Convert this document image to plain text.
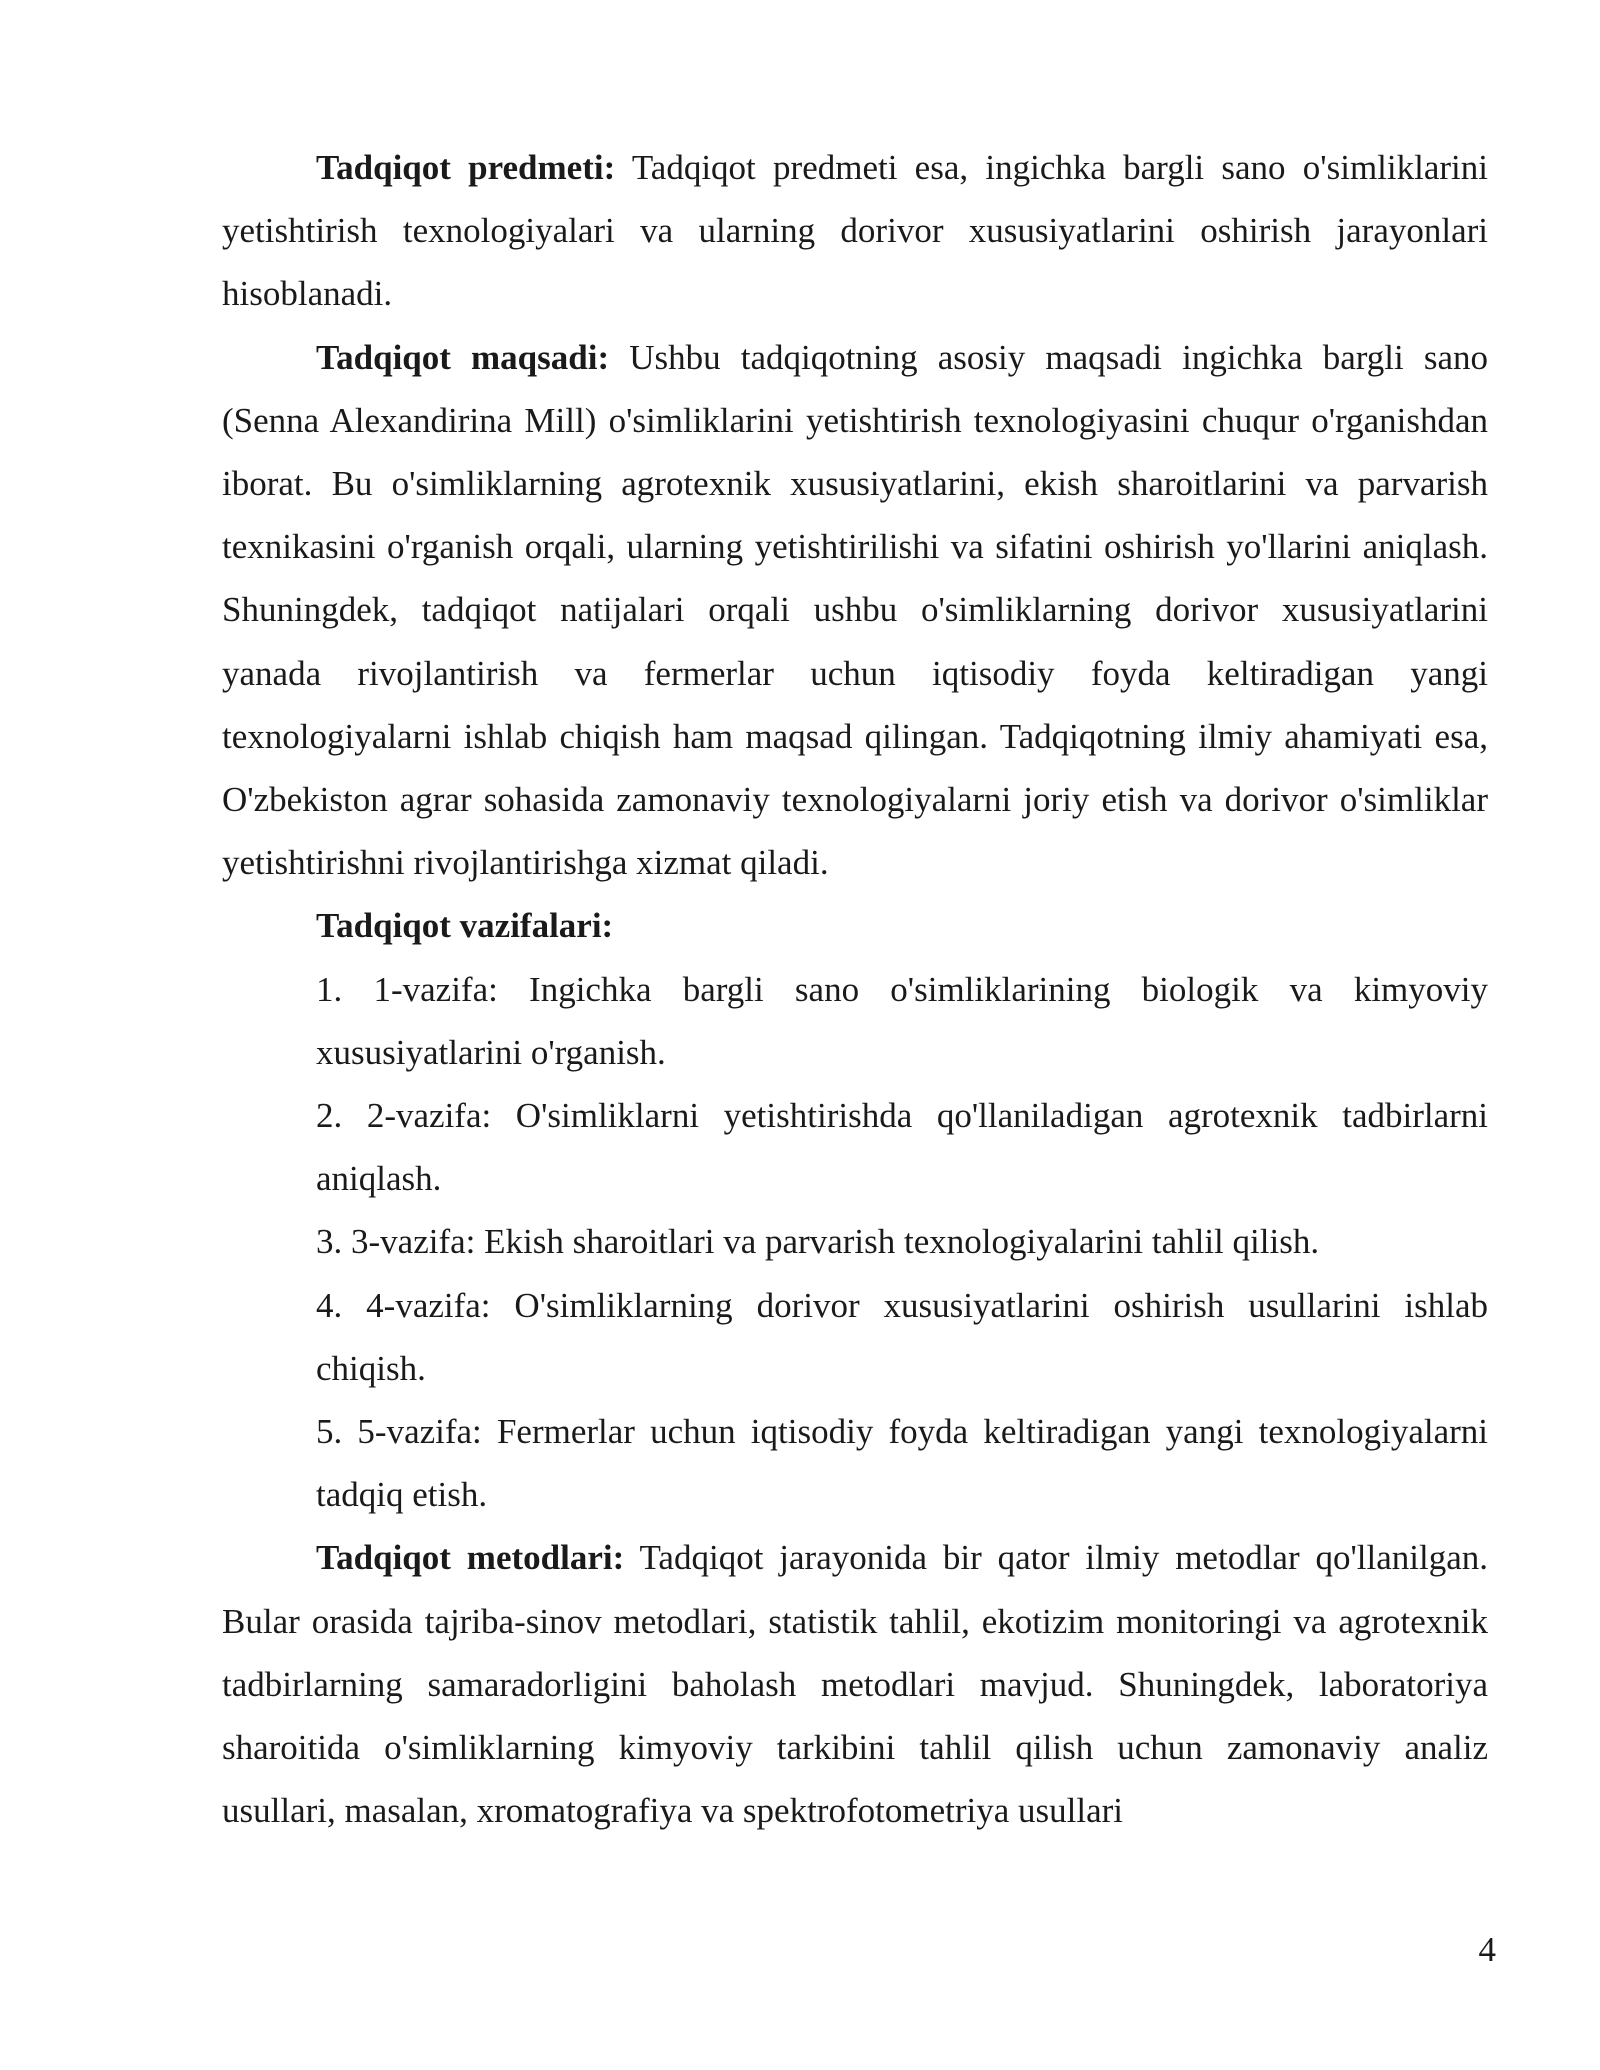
Tadqiqot predmeti: Tadqiqot predmeti esa, ingichka bargli sano o'simliklarini yetishtirish texnologiyalari va ularning dorivor xususiyatlarini oshirish jarayonlari hisoblanadi.

Tadqiqot maqsadi: Ushbu tadqiqotning asosiy maqsadi ingichka bargli sano (Senna Alexandirina Mill) o'simliklarini yetishtirish texnologiyasini chuqur o'rganishdan iborat. Bu o'simliklarning agrotexnik xususiyatlarini, ekish sharoitlarini va parvarish texnikasini o'rganish orqali, ularning yetishtirilishi va sifatini oshirish yo'llarini aniqlash. Shuningdek, tadqiqot natijalari orqali ushbu o'simliklarning dorivor xususiyatlarini yanada rivojlantirish va fermerlar uchun iqtisodiy foyda keltiradigan yangi texnologiyalarni ishlab chiqish ham maqsad qilingan. Tadqiqotning ilmiy ahamiyati esa, O'zbekiston agrar sohasida zamonaviy texnologiyalarni joriy etish va dorivor o'simliklar yetishtirishni rivojlantirishga xizmat qiladi.

Tadqiqot vazifalari:

1. 1-vazifa: Ingichka bargli sano o'simliklarining biologik va kimyoviy xususiyatlarini o'rganish.
2. 2-vazifa: O'simliklarni yetishtirishda qo'llaniladigan agrotexnik tadbirlarni aniqlash.
3. 3-vazifa: Ekish sharoitlari va parvarish texnologiyalarini tahlil qilish.
4. 4-vazifa: O'simliklarning dorivor xususiyatlarini oshirish usullarini ishlab chiqish.
5. 5-vazifa: Fermerlar uchun iqtisodiy foyda keltiradigan yangi texnologiyalarni tadqiq etish.

Tadqiqot metodlari: Tadqiqot jarayonida bir qator ilmiy metodlar qo'llanilgan. Bular orasida tajriba-sinov metodlari, statistik tahlil, ekotizim monitoringi va agrotexnik tadbirlarning samaradorligini baholash metodlari mavjud. Shuningdek, laboratoriya sharoitida o'simliklarning kimyoviy tarkibini tahlil qilish uchun zamonaviy analiz usullari, masalan, xromatografiya va spektrofotometriya usullari

4
